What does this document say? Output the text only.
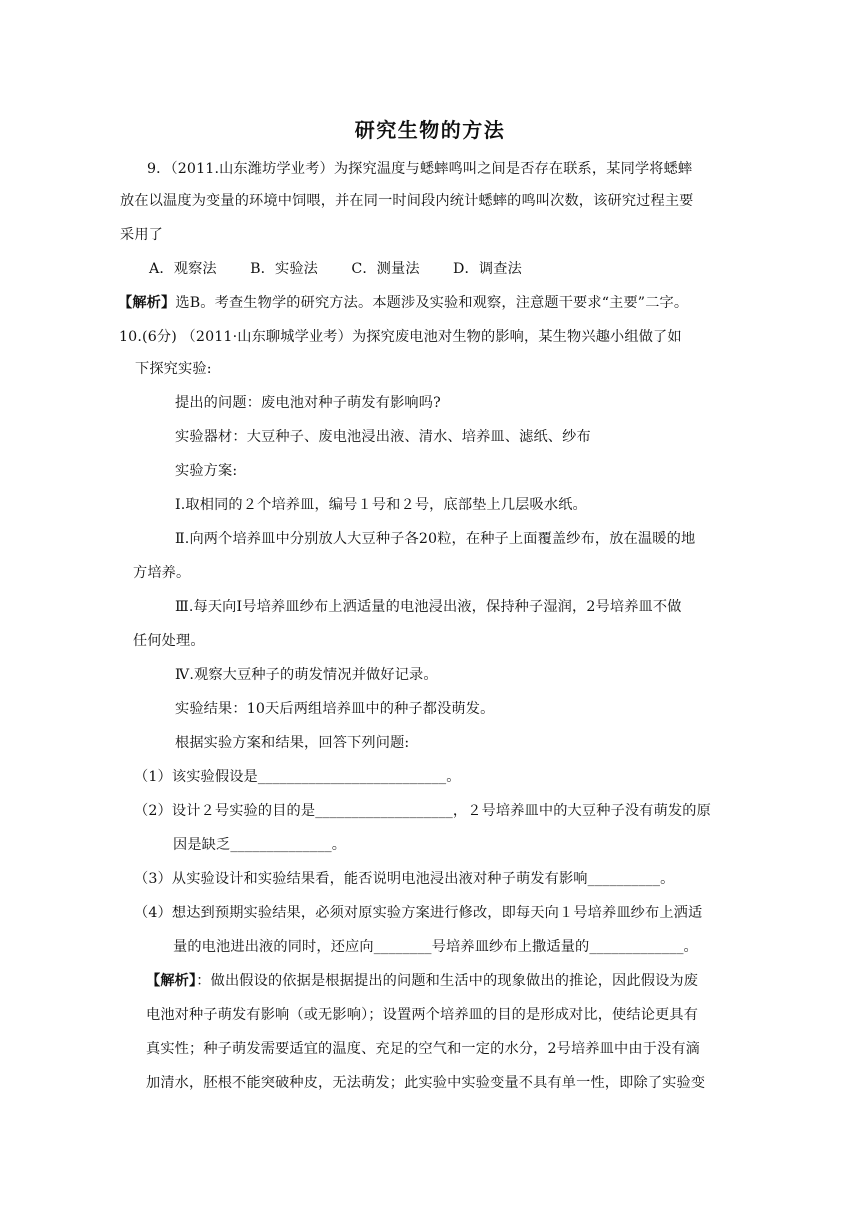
研究生物的方法
9．（2011.山东潍坊学业考）为探究温度与蟋蟀鸣叫之间是否存在联系，某同学将蟋蟀
放在以温度为变量的环境中饲喂，并在同一时间段内统计蟋蟀的鸣叫次数，该研究过程主要
采用了
A．观察法　　 B．实验法　　 C．测量法　　 D．调查法
【解析】选B。考查生物学的研究方法。本题涉及实验和观察，注意题干要求“主要”二字。
10.(6分) （2011·山东聊城学业考）为探究废电池对生物的影响，某生物兴趣小组做了如
下探究实验:
提出的问题：废电池对种子萌发有影响吗?
实验器材：大豆种子、废电池浸出液、清水、培养皿、滤纸、纱布
实验方案:
Ⅰ.取相同的２个培养皿，编号１号和２号，底部垫上几层吸水纸。
Ⅱ.向两个培养皿中分别放人大豆种子各20粒，在种子上面覆盖纱布，放在温暖的地
方培养。
Ⅲ.每天向Ⅰ号培养皿纱布上洒适量的电池浸出液，保持种子湿润，2号培养皿不做
任何处理。
Ⅳ.观察大豆种子的萌发情况并做好记录。
实验结果：10天后两组培养皿中的种子都没萌发。
根据实验方案和结果，回答下列问题:
（1）该实验假设是__________________________。
（2）设计２号实验的目的是___________________，２号培养皿中的大豆种子没有萌发的原
因是缺乏______________。
（3）从实验设计和实验结果看，能否说明电池浸出液对种子萌发有影响__________。
（4）想达到预期实验结果，必须对原实验方案进行修改，即每天向１号培养皿纱布上洒适
量的电池进出液的同时，还应向________号培养皿纱布上撒适量的_____________。
【解析】：做出假设的依据是根据提出的问题和生活中的现象做出的推论，因此假设为废
电池对种子萌发有影响（或无影响）；设置两个培养皿的目的是形成对比，使结论更具有
真实性；种子萌发需要适宜的温度、充足的空气和一定的水分，2号培养皿中由于没有滴
加清水，胚根不能突破种皮，无法萌发；此实验中实验变量不具有单一性，即除了实验变
